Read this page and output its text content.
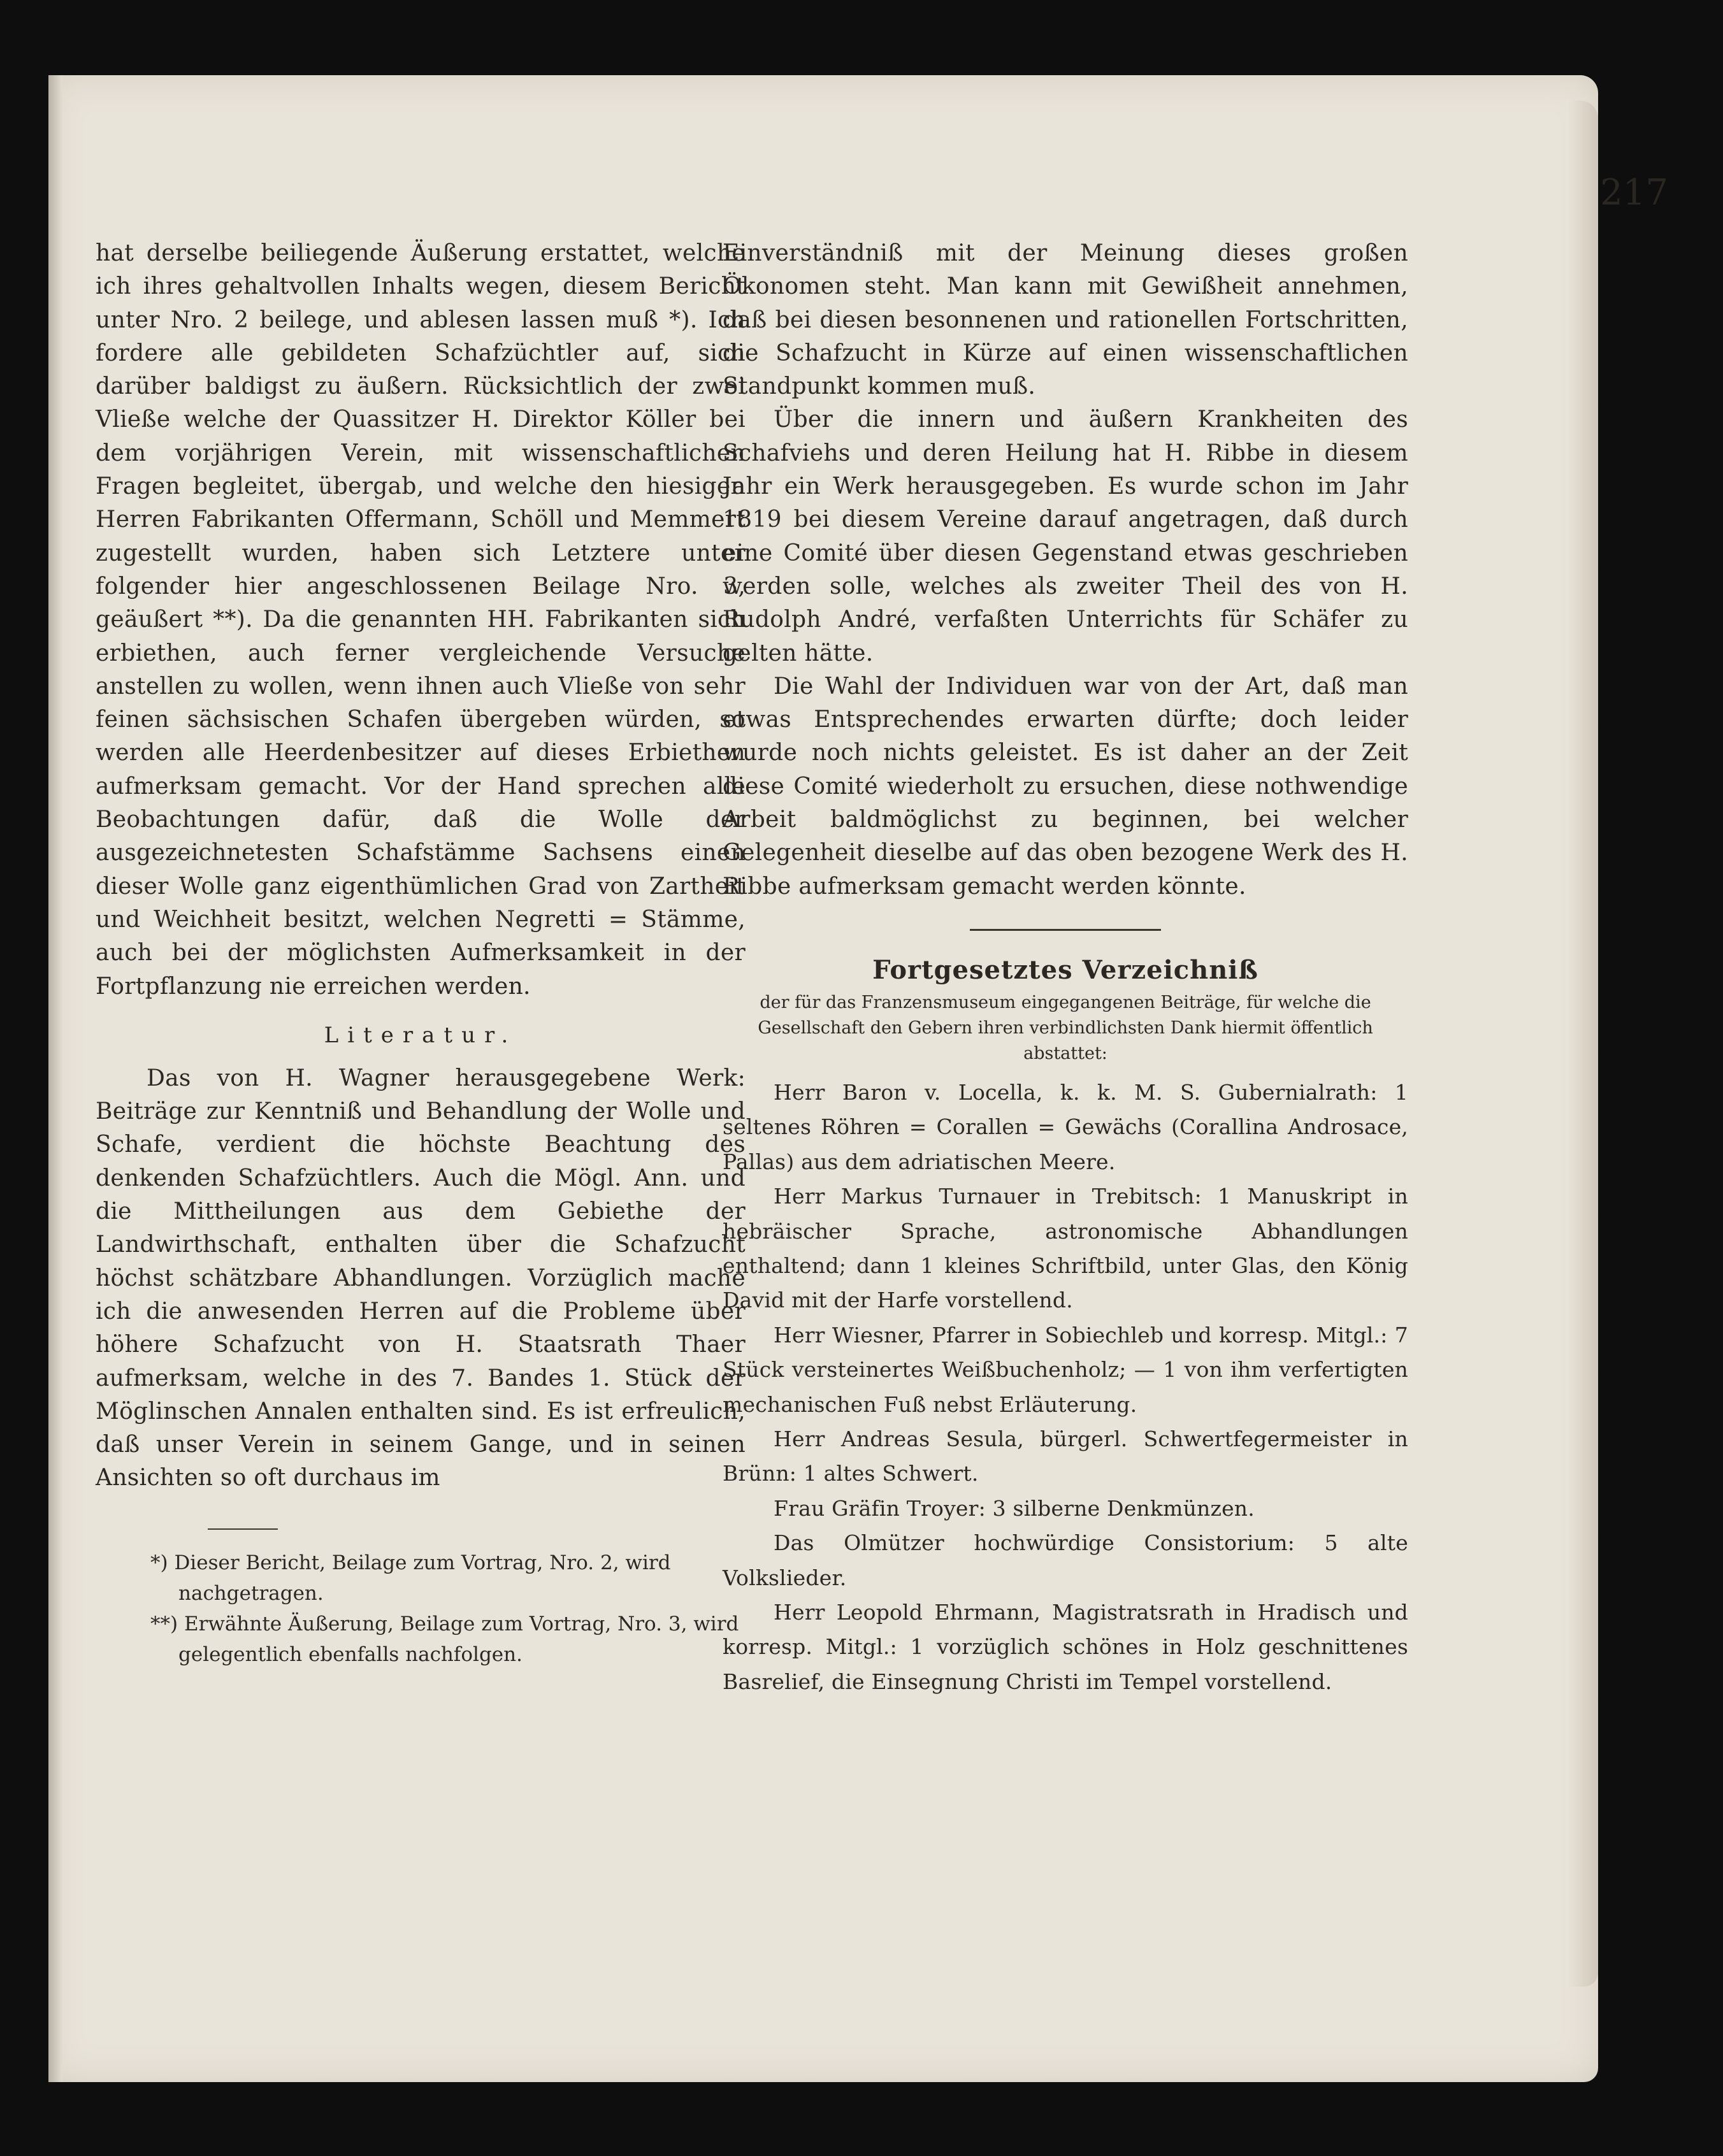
217

hat derselbe beiliegende Äußerung erstattet, welche ich ihres gehaltvollen Inhalts wegen, diesem Bericht unter Nro. 2 beilege, und ablesen lassen muß *). Ich fordere alle gebildeten Schafzüchtler auf, sich darüber baldigst zu äußern. Rücksichtlich der zwei Vließe welche der Quassitzer H. Direktor Köller bei dem vorjährigen Verein, mit wissenschaftlichen Fragen begleitet, übergab, und welche den hiesigen Herren Fabrikanten Offermann, Schöll und Memmert zugestellt wurden, haben sich Letztere unter folgender hier angeschlossenen Beilage Nro. 3, geäußert **). Da die genannten HH. Fabrikanten sich erbiethen, auch ferner vergleichende Versuche anstellen zu wollen, wenn ihnen auch Vließe von sehr feinen sächsischen Schafen übergeben würden, so werden alle Heerdenbesitzer auf dieses Erbiethen aufmerksam gemacht. Vor der Hand sprechen alle Beobachtungen dafür, daß die Wolle der ausgezeichnetesten Schafstämme Sachsens einen dieser Wolle ganz eigenthümlichen Grad von Zartheit und Weichheit besitzt, welchen Negretti = Stämme, auch bei der möglichsten Aufmerksamkeit in der Fortpflanzung nie erreichen werden.

Literatur.

Das von H. Wagner herausgegebene Werk: Beiträge zur Kenntniß und Behandlung der Wolle und Schafe, verdient die höchste Beachtung des denkenden Schafzüchtlers. Auch die Mögl. Ann. und die Mittheilungen aus dem Gebiethe der Landwirthschaft, enthalten über die Schafzucht höchst schätzbare Abhandlungen. Vorzüglich mache ich die anwesenden Herren auf die Probleme über höhere Schafzucht von H. Staatsrath Thaer aufmerksam, welche in des 7. Bandes 1. Stück der Möglinschen Annalen enthalten sind. Es ist erfreulich, daß unser Verein in seinem Gange, und in seinen Ansichten so oft durchaus im

*) Dieser Bericht, Beilage zum Vortrag, Nro. 2, wird nachgetragen.

**) Erwähnte Äußerung, Beilage zum Vortrag, Nro. 3, wird gelegentlich ebenfalls nachfolgen.

Einverständniß mit der Meinung dieses großen Ökonomen steht. Man kann mit Gewißheit annehmen, daß bei diesen besonnenen und rationellen Fortschritten, die Schafzucht in Kürze auf einen wissenschaftlichen Standpunkt kommen muß.

Über die innern und äußern Krankheiten des Schafviehs und deren Heilung hat H. Ribbe in diesem Jahr ein Werk herausgegeben. Es wurde schon im Jahr 1819 bei diesem Vereine darauf angetragen, daß durch eine Comité über diesen Gegenstand etwas geschrieben werden solle, welches als zweiter Theil des von H. Rudolph André, verfaßten Unterrichts für Schäfer zu gelten hätte.

Die Wahl der Individuen war von der Art, daß man etwas Entsprechendes erwarten dürfte; doch leider wurde noch nichts geleistet. Es ist daher an der Zeit diese Comité wiederholt zu ersuchen, diese nothwendige Arbeit baldmöglichst zu beginnen, bei welcher Gelegenheit dieselbe auf das oben bezogene Werk des H. Ribbe aufmerksam gemacht werden könnte.

Fortgesetztes Verzeichniß

der für das Franzensmuseum eingegangenen Beiträge, für welche die Gesellschaft den Gebern ihren verbindlichsten Dank hiermit öffentlich abstattet:

Herr Baron v. Locella, k. k. M. S. Gubernialrath: 1 seltenes Röhren = Corallen = Gewächs (Corallina Androsace, Pallas) aus dem adriatischen Meere.

Herr Markus Turnauer in Trebitsch: 1 Manuskript in hebräischer Sprache, astronomische Abhandlungen enthaltend; dann 1 kleines Schriftbild, unter Glas, den König David mit der Harfe vorstellend.

Herr Wiesner, Pfarrer in Sobiechleb und korresp. Mitgl.: 7 Stück versteinertes Weißbuchenholz; — 1 von ihm verfertigten mechanischen Fuß nebst Erläuterung.

Herr Andreas Sesula, bürgerl. Schwertfegermeister in Brünn: 1 altes Schwert.

Frau Gräfin Troyer: 3 silberne Denkmünzen.

Das Olmützer hochwürdige Consistorium: 5 alte Volkslieder.

Herr Leopold Ehrmann, Magistratsrath in Hradisch und korresp. Mitgl.: 1 vorzüglich schönes in Holz geschnittenes Basrelief, die Einsegnung Christi im Tempel vorstellend.
